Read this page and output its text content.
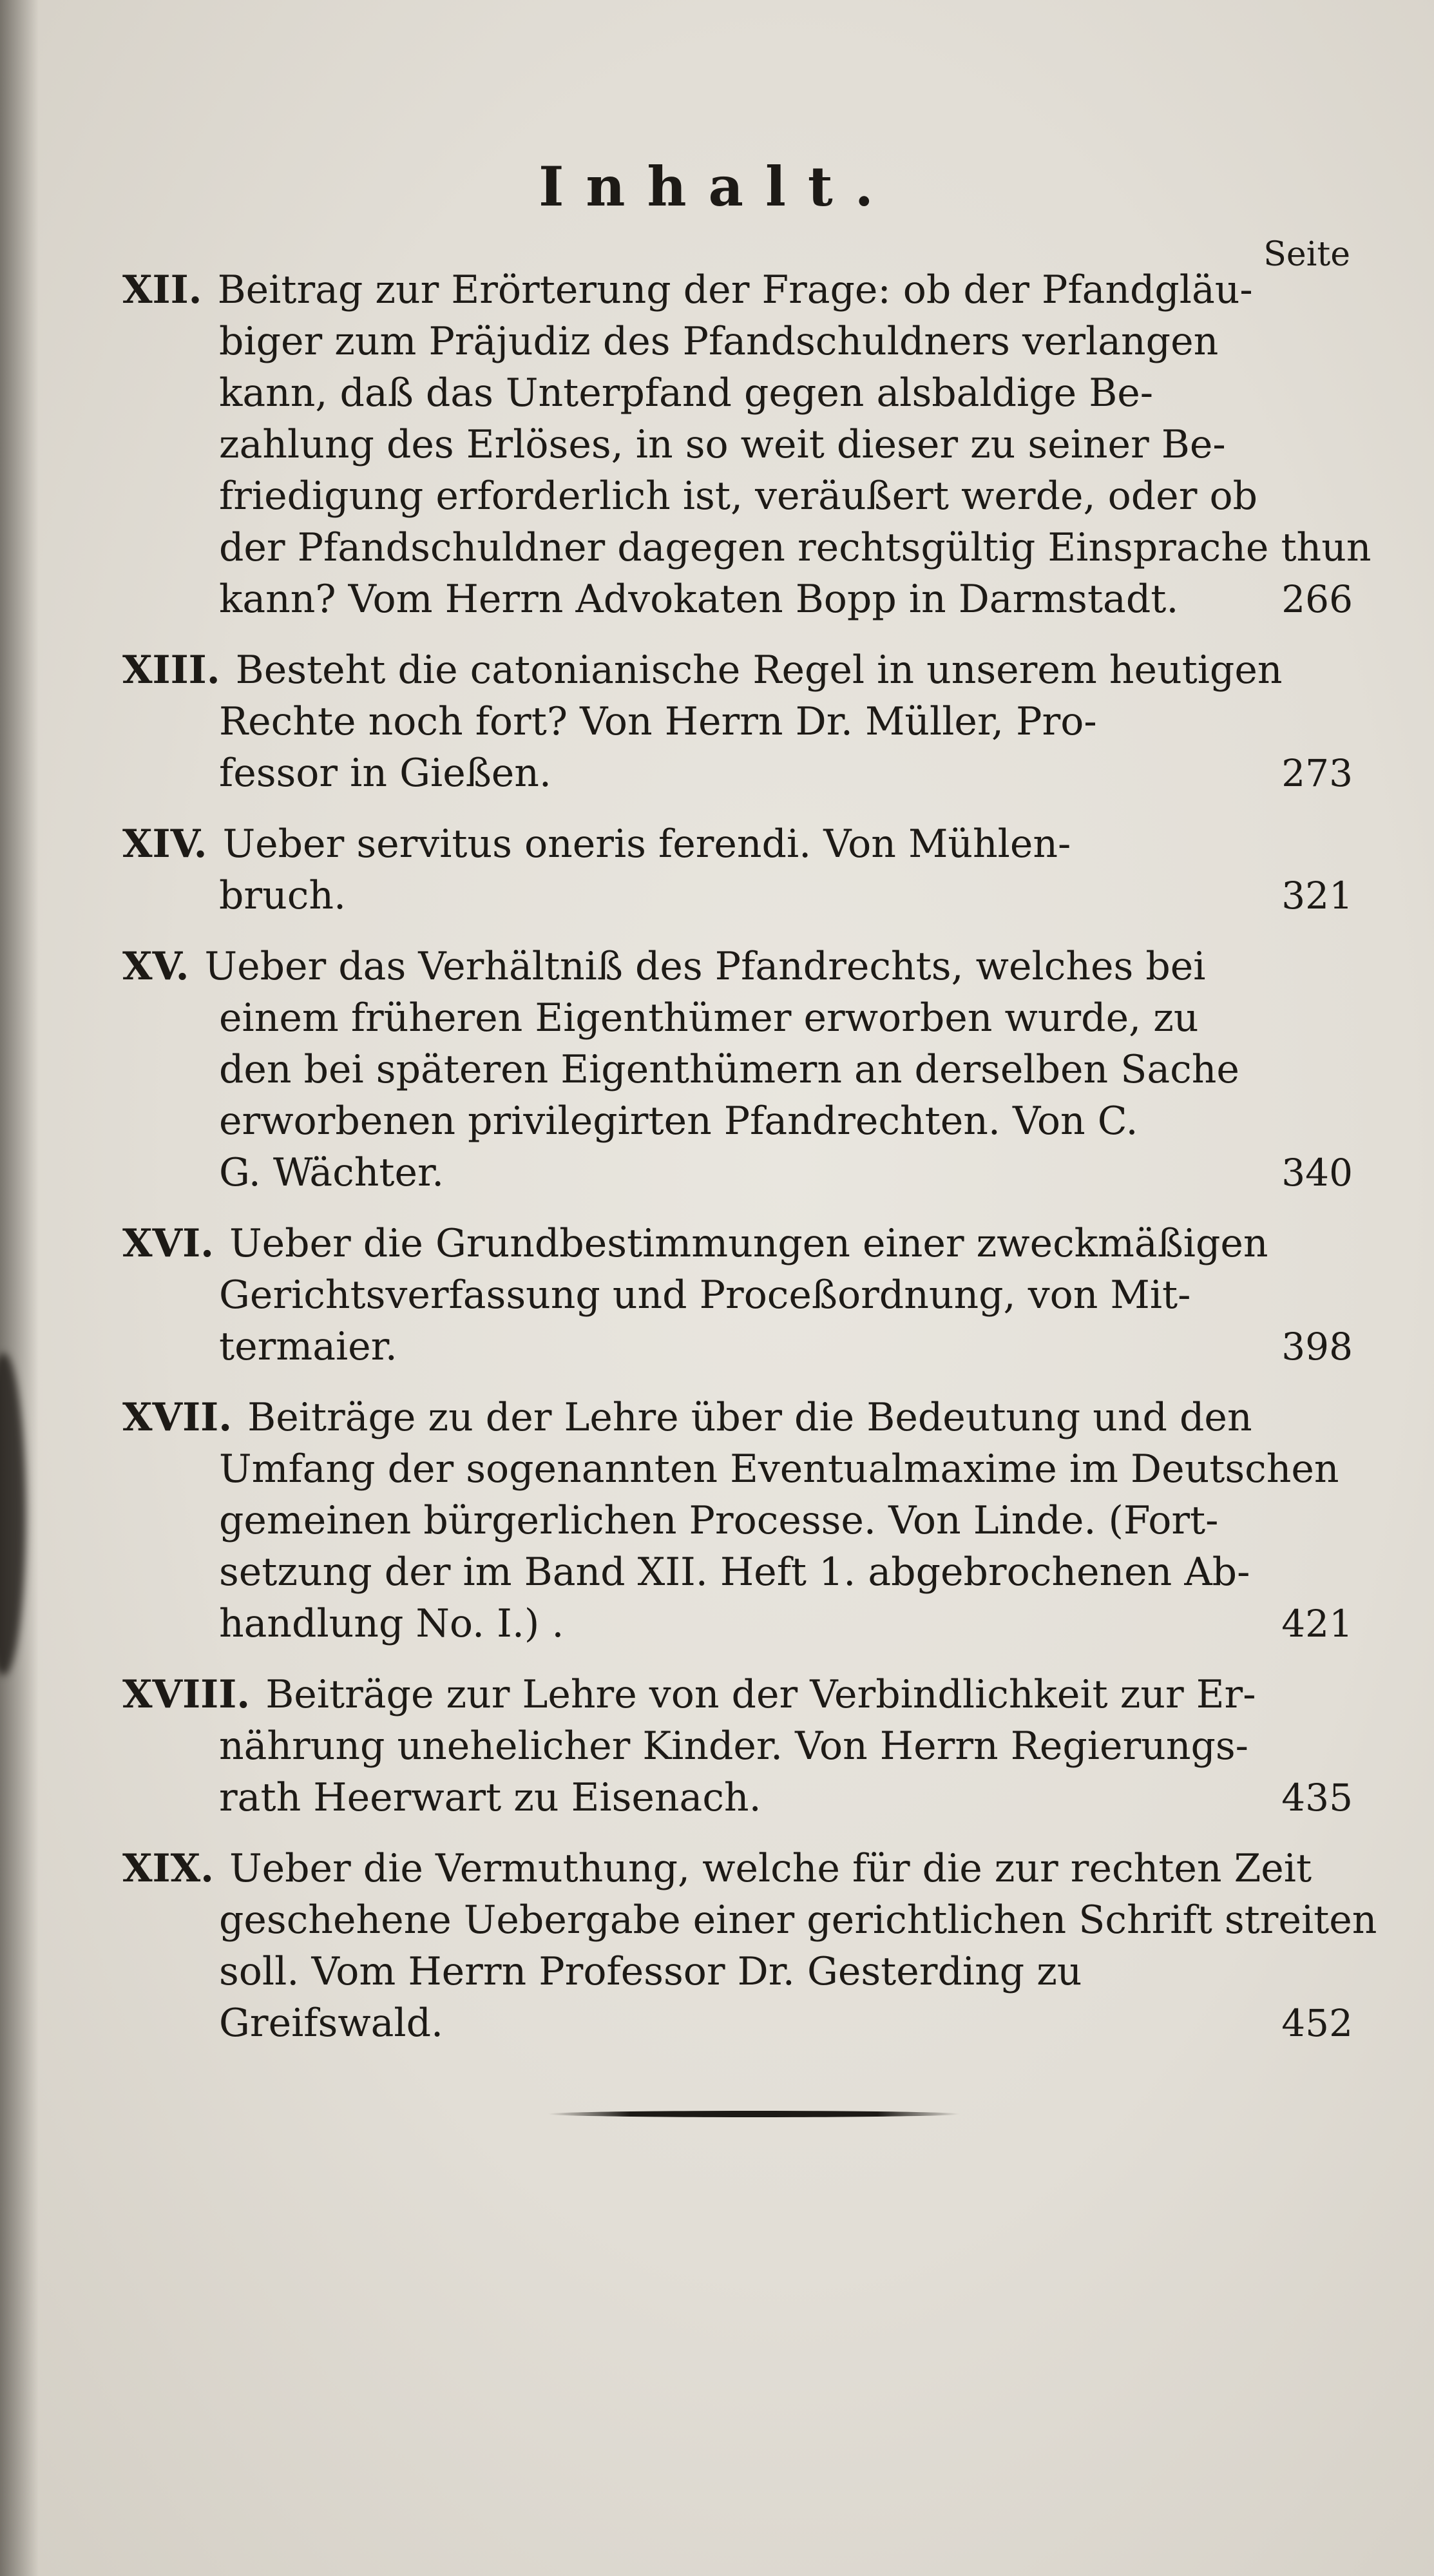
Inhalt.
Seite
XII. Beitrag zur Erörterung der Frage: ob der Pfandgläu-
biger zum Präjudiz des Pfandschuldners verlangen
kann, daß das Unterpfand gegen alsbaldige Be-
zahlung des Erlöses, in so weit dieser zu seiner Be-
friedigung erforderlich ist, veräußert werde, oder ob
der Pfandschuldner dagegen rechtsgültig Einsprache thun
kann? Vom Herrn Advokaten Bopp in Darmstadt.	266
XIII. Besteht die catonianische Regel in unserem heutigen
Rechte noch fort? Von Herrn Dr. Müller, Pro-
fessor in Gießen.	273
XIV. Ueber servitus oneris ferendi. Von Mühlen-
bruch.	321
XV. Ueber das Verhältniß des Pfandrechts, welches bei
einem früheren Eigenthümer erworben wurde, zu
den bei späteren Eigenthümern an derselben Sache
erworbenen privilegirten Pfandrechten. Von C.
G. Wächter.	340
XVI. Ueber die Grundbestimmungen einer zweckmäßigen
Gerichtsverfassung und Proceßordnung, von Mit-
termaier.	398
XVII. Beiträge zu der Lehre über die Bedeutung und den
Umfang der sogenannten Eventualmaxime im Deutschen
gemeinen bürgerlichen Processe. Von Linde. (Fort-
setzung der im Band XII. Heft 1. abgebrochenen Ab-
handlung No. I.) .	421
XVIII. Beiträge zur Lehre von der Verbindlichkeit zur Er-
nährung unehelicher Kinder. Von Herrn Regierungs-
rath Heerwart zu Eisenach.	435
XIX. Ueber die Vermuthung, welche für die zur rechten Zeit
geschehene Uebergabe einer gerichtlichen Schrift streiten
soll. Vom Herrn Professor Dr. Gesterding zu
Greifswald.	452
